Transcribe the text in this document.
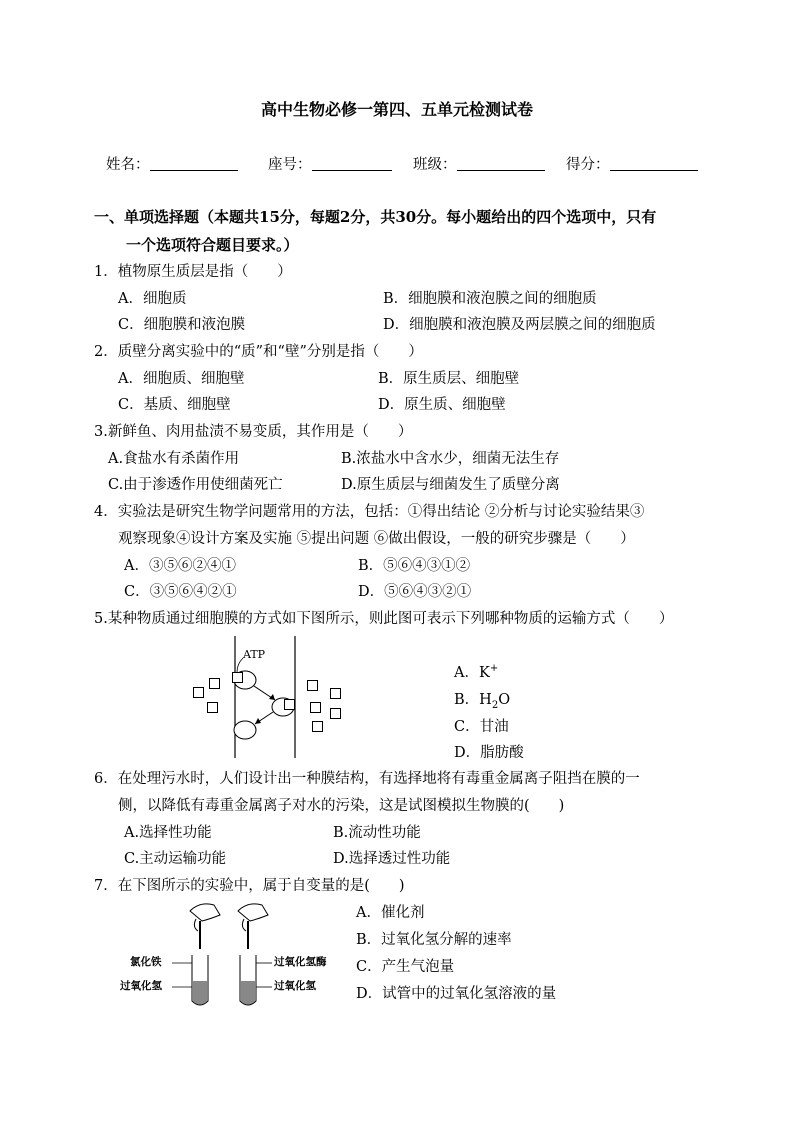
高中生物必修一第四、五单元检测试卷
姓名：	座号：	班级：	得分：
一、单项选择题（本题共15分，每题2分，共30分。每小题给出的四个选项中，只有
一个选项符合题目要求。）
1．植物原生质层是指（　　）
A．细胞质	B．细胞膜和液泡膜之间的细胞质
C．细胞膜和液泡膜	D．细胞膜和液泡膜及两层膜之间的细胞质
2．质壁分离实验中的“质”和“壁”分别是指（　　）
A．细胞质、细胞壁	B．原生质层、细胞壁
C．基质、细胞壁	D．原生质、细胞壁
3.新鲜鱼、肉用盐渍不易变质，其作用是（　　）
A.食盐水有杀菌作用	B.浓盐水中含水少，细菌无法生存
C.由于渗透作用使细菌死亡	D.原生质层与细菌发生了质壁分离
4．实验法是研究生物学问题常用的方法，包括：①得出结论 ②分析与讨论实验结果③
观察现象④设计方案及实施 ⑤提出问题 ⑥做出假设，一般的研究步骤是（　　）
A．③⑤⑥②④①	B．⑤⑥④③①②
C．③⑤⑥④②①	D．⑤⑥④③②①
5.某种物质通过细胞膜的方式如下图所示，则此图可表示下列哪种物质的运输方式（　　）
ATP
A．K+
B．$H_2O$
C．甘油
D．脂肪酸
6．在处理污水时，人们设计出一种膜结构，有选择地将有毒重金属离子阻挡在膜的一
侧，以降低有毒重金属离子对水的污染，这是试图模拟生物膜的(　　)
A.选择性功能	B.流动性功能
C.主动运输功能	D.选择透过性功能
7．在下图所示的实验中，属于自变量的是(　　)
氯化铁
过氧化氢
过氧化氢酶
过氧化氢
A．催化剂
B．过氧化氢分解的速率
C．产生气泡量
D．试管中的过氧化氢溶液的量
